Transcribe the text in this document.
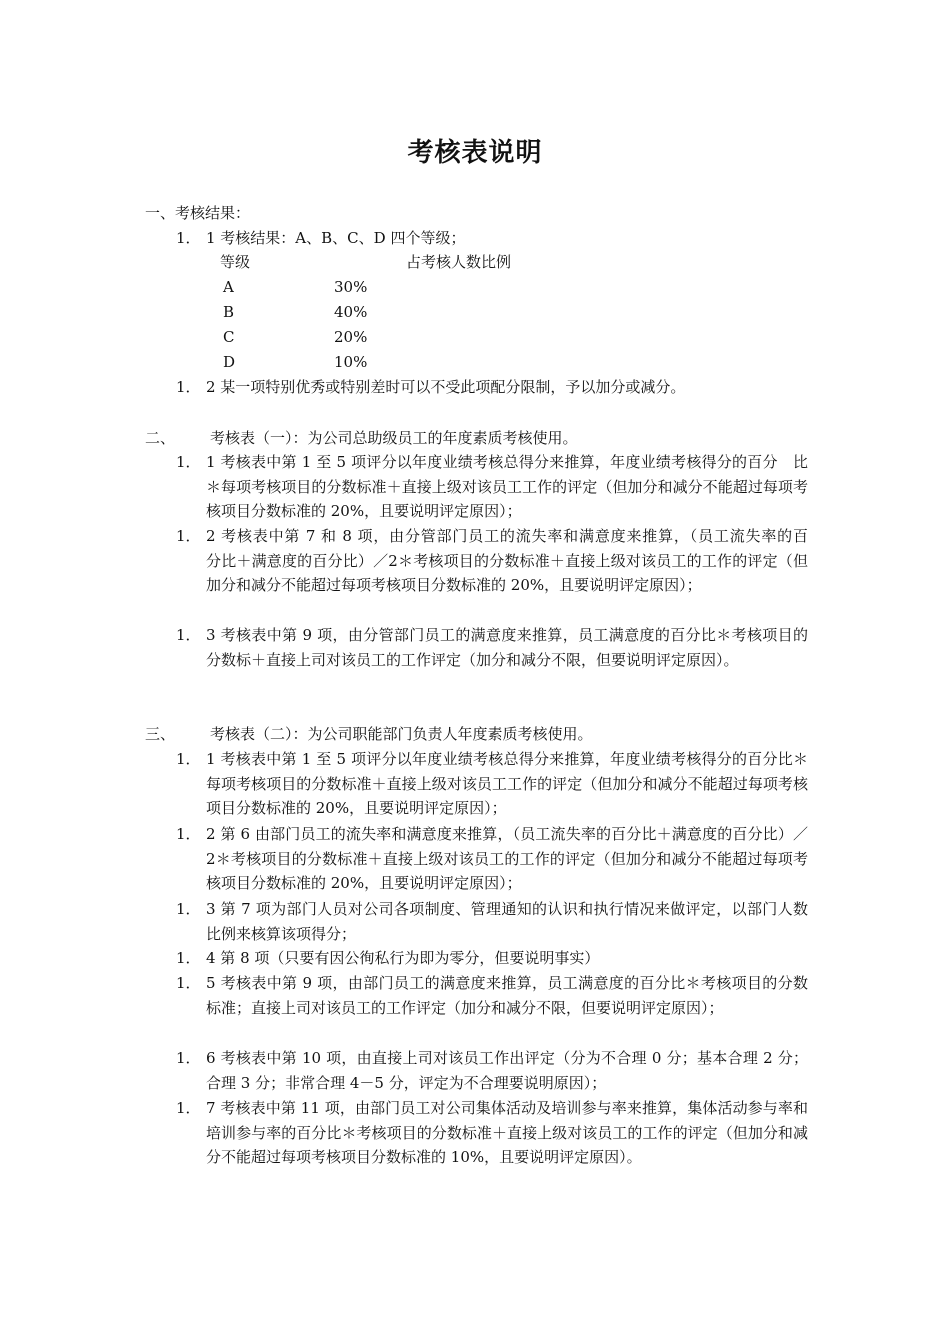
考核表说明
一、考核结果：
1． 1 考核结果：A、B、C、D 四个等级；
等级	占考核人数比例
A	30%
B	40%
C	20%
D	10%
1． 2 某一项特别优秀或特别差时可以不受此项配分限制，予以加分或减分。
二、 考核表（一）：为公司总助级员工的年度素质考核使用。
1． 1 考核表中第 1 至 5 项评分以年度业绩考核总得分来推算，年度业绩考核得分的百分　比＊每项考核项目的分数标准＋直接上级对该员工工作的评定（但加分和减分不能超过每项考核项目分数标准的 20%，且要说明评定原因）；
1． 2 考核表中第 7 和 8 项，由分管部门员工的流失率和满意度来推算，（员工流失率的百　　分比＋满意度的百分比）／2＊考核项目的分数标准＋直接上级对该员工的工作的评定（但加分和减分不能超过每项考核项目分数标准的 20%，且要说明评定原因）；
1． 3 考核表中第 9 项，由分管部门员工的满意度来推算，员工满意度的百分比＊考核项目的分数标＋直接上司对该员工的工作评定（加分和减分不限，但要说明评定原因）。
三、 考核表（二）：为公司职能部门负责人年度素质考核使用。
1． 1 考核表中第 1 至 5 项评分以年度业绩考核总得分来推算，年度业绩考核得分的百分比＊每项考核项目的分数标准＋直接上级对该员工工作的评定（但加分和减分不能超过每项考核项目分数标准的 20%，且要说明评定原因）；
1． 2 第 6 由部门员工的流失率和满意度来推算，（员工流失率的百分比＋满意度的百分比）／2＊考核项目的分数标准＋直接上级对该员工的工作的评定（但加分和减分不能超过每项考核项目分数标准的 20%，且要说明评定原因）；
1． 3 第 7 项为部门人员对公司各项制度、管理通知的认识和执行情况来做评定，以部门人数比例来核算该项得分；
1． 4 第 8 项（只要有因公徇私行为即为零分，但要说明事实）
1． 5 考核表中第 9 项，由部门员工的满意度来推算，员工满意度的百分比＊考核项目的分数标准；直接上司对该员工的工作评定（加分和减分不限，但要说明评定原因）；
1． 6 考核表中第 10 项，由直接上司对该员工作出评定（分为不合理 0 分；基本合理 2 分；合理 3 分；非常合理 4－5 分，评定为不合理要说明原因）；
1． 7 考核表中第 11 项，由部门员工对公司集体活动及培训参与率来推算，集体活动参与率和培训参与率的百分比＊考核项目的分数标准＋直接上级对该员工的工作的评定（但加分和减分不能超过每项考核项目分数标准的 10%，且要说明评定原因）。
